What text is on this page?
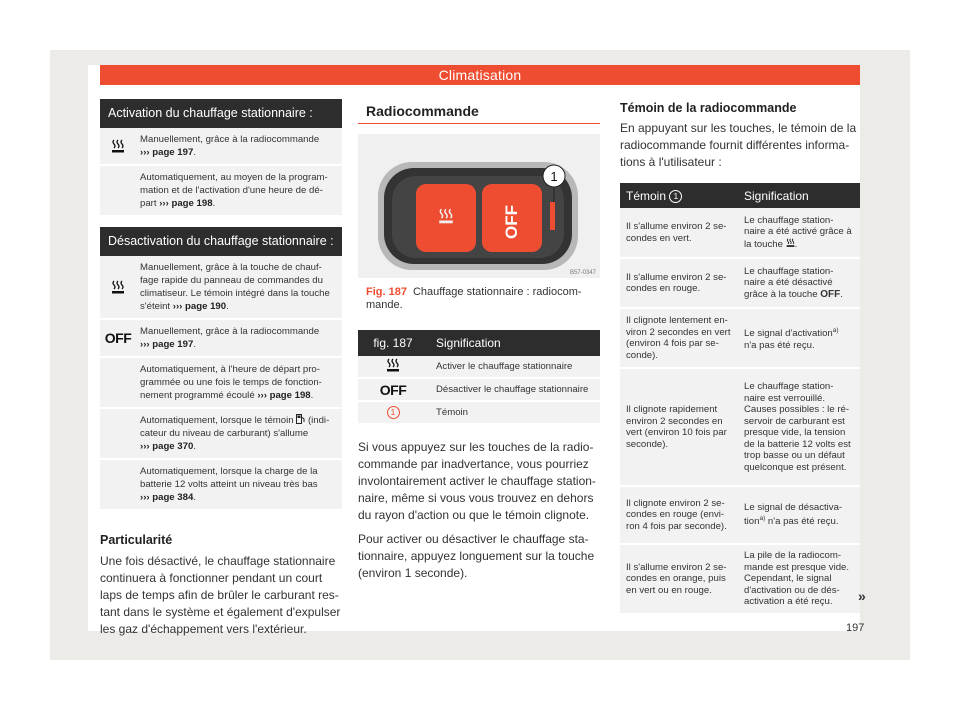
Climatisation
Activation du chauffage stationnaire :
Manuellement, grâce à la radiocommande
››› page 197.
Automatiquement, au moyen de la program-mation et de l'activation d'une heure de dé-part ››› page 198.
Désactivation du chauffage stationnaire :
Manuellement, grâce à la touche de chauf-fage rapide du panneau de commandes du climatiseur. Le témoin intégré dans la touche s'éteint ››› page 190.
OFF Manuellement, grâce à la radiocommande
››› page 197.
Automatiquement, à l'heure de départ pro-grammée ou une fois le temps de fonction-nement programmé écoulé ››› page 198.
Automatiquement, lorsque le témoin (indi-cateur du niveau de carburant) s'allume
››› page 370.
Automatiquement, lorsque la charge de la batterie 12 volts atteint un niveau très bas
››› page 384.
Particularité
Une fois désactivé, le chauffage stationnaire continuera à fonctionner pendant un court laps de temps afin de brûler le carburant res-tant dans le système et également d'expulser les gaz d'échappement vers l'extérieur.
Radiocommande
OFF
1
B57-0347
Fig. 187 Chauffage stationnaire : radiocom-mande.
fig. 187	Signification
	Activer le chauffage stationnaire
OFF	Désactiver le chauffage stationnaire
1	Témoin
Si vous appuyez sur les touches de la radio-commande par inadvertance, vous pourriez involontairement activer le chauffage station-naire, même si vous vous trouvez en dehors du rayon d'action ou que le témoin clignote.
Pour activer ou désactiver le chauffage sta-tionnaire, appuyez longuement sur la touche (environ 1 seconde).
Témoin de la radiocommande
En appuyant sur les touches, le témoin de la radiocommande fournit différentes informa-tions à l'utilisateur :
Témoin 1	Signification
Il s'allume environ 2 se-condes en vert.	Le chauffage station-naire a été activé grâce à la touche .
Il s'allume environ 2 se-condes en rouge.	Le chauffage station-naire a été désactivé grâce à la touche OFF.
Il clignote lentement en-viron 2 secondes en vert (environ 4 fois par se-conde).	Le signal d'activation$^{a)}$
n'a pas été reçu.
Il clignote rapidement environ 2 secondes en vert (environ 10 fois par seconde).	Le chauffage station-naire est verrouillé. Causes possibles : le ré-servoir de carburant est presque vide, la tension de la batterie 12 volts est trop basse ou un défaut quelconque est présent.
Il clignote environ 2 se-condes en rouge (envi-ron 4 fois par seconde).	Le signal de désactiva-tion$^{a)}$ n'a pas été reçu.
Il s'allume environ 2 se-condes en orange, puis en vert ou en rouge.	La pile de la radiocom-mande est presque vide. Cependant, le signal d'activation ou de dés-activation a été reçu. »
197
